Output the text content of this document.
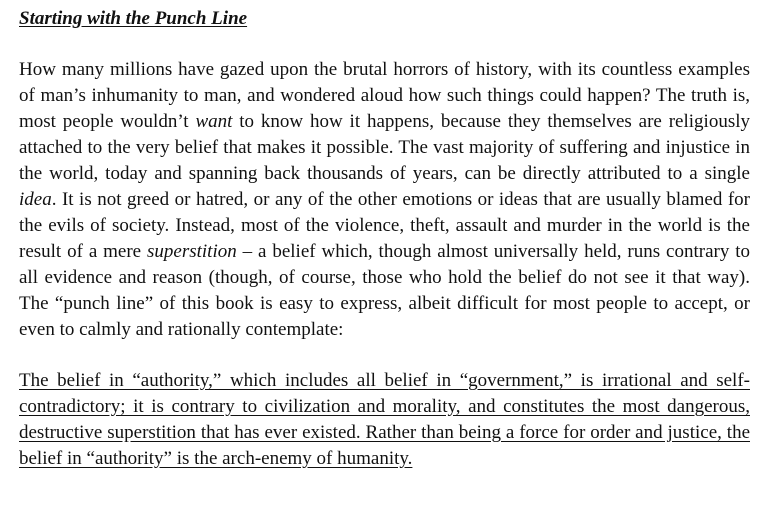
Starting with the Punch Line

How many millions have gazed upon the brutal horrors of history, with its countless examples of man’s inhumanity to man, and wondered aloud how such things could happen? The truth is, most people wouldn’t want to know how it happens, because they themselves are religiously attached to the very belief that makes it possible. The vast majority of suffering and injustice in the world, today and spanning back thousands of years, can be directly attributed to a single idea. It is not greed or hatred, or any of the other emotions or ideas that are usually blamed for the evils of society. Instead, most of the violence, theft, assault and murder in the world is the result of a mere superstition – a belief which, though almost universally held, runs contrary to all evidence and reason (though, of course, those who hold the belief do not see it that way). The “punch line” of this book is easy to express, albeit difficult for most people to accept, or even to calmly and rationally contemplate:

The belief in “authority,” which includes all belief in “government,” is irrational and self-contradictory; it is contrary to civilization and morality, and constitutes the most dangerous, destructive superstition that has ever existed. Rather than being a force for order and justice, the belief in “authority” is the arch-enemy of humanity.
